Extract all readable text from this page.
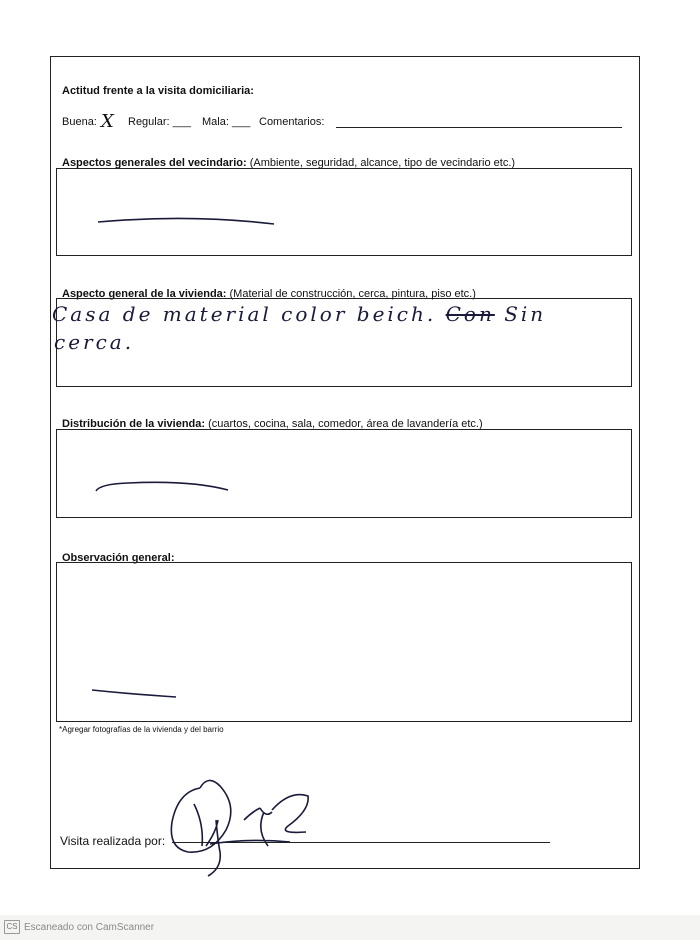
Actitud frente a la visita domiciliaria:
Buena: X Regular: ___ Mala: ___ Comentarios:
Aspectos generales del vecindario: (Ambiente, seguridad, alcance, tipo de vecindario etc.)
Aspecto general de la vivienda: (Material de construcción, cerca, pintura, piso etc.)
Casa de material color beich. Con Sin
cerca.
Distribución de la vivienda: (cuartos, cocina, sala, comedor, área de lavandería etc.)
Observación general:
*Agregar fotografías de la vivienda y del barrio
Visita realizada por:
CS Escaneado con CamScanner
